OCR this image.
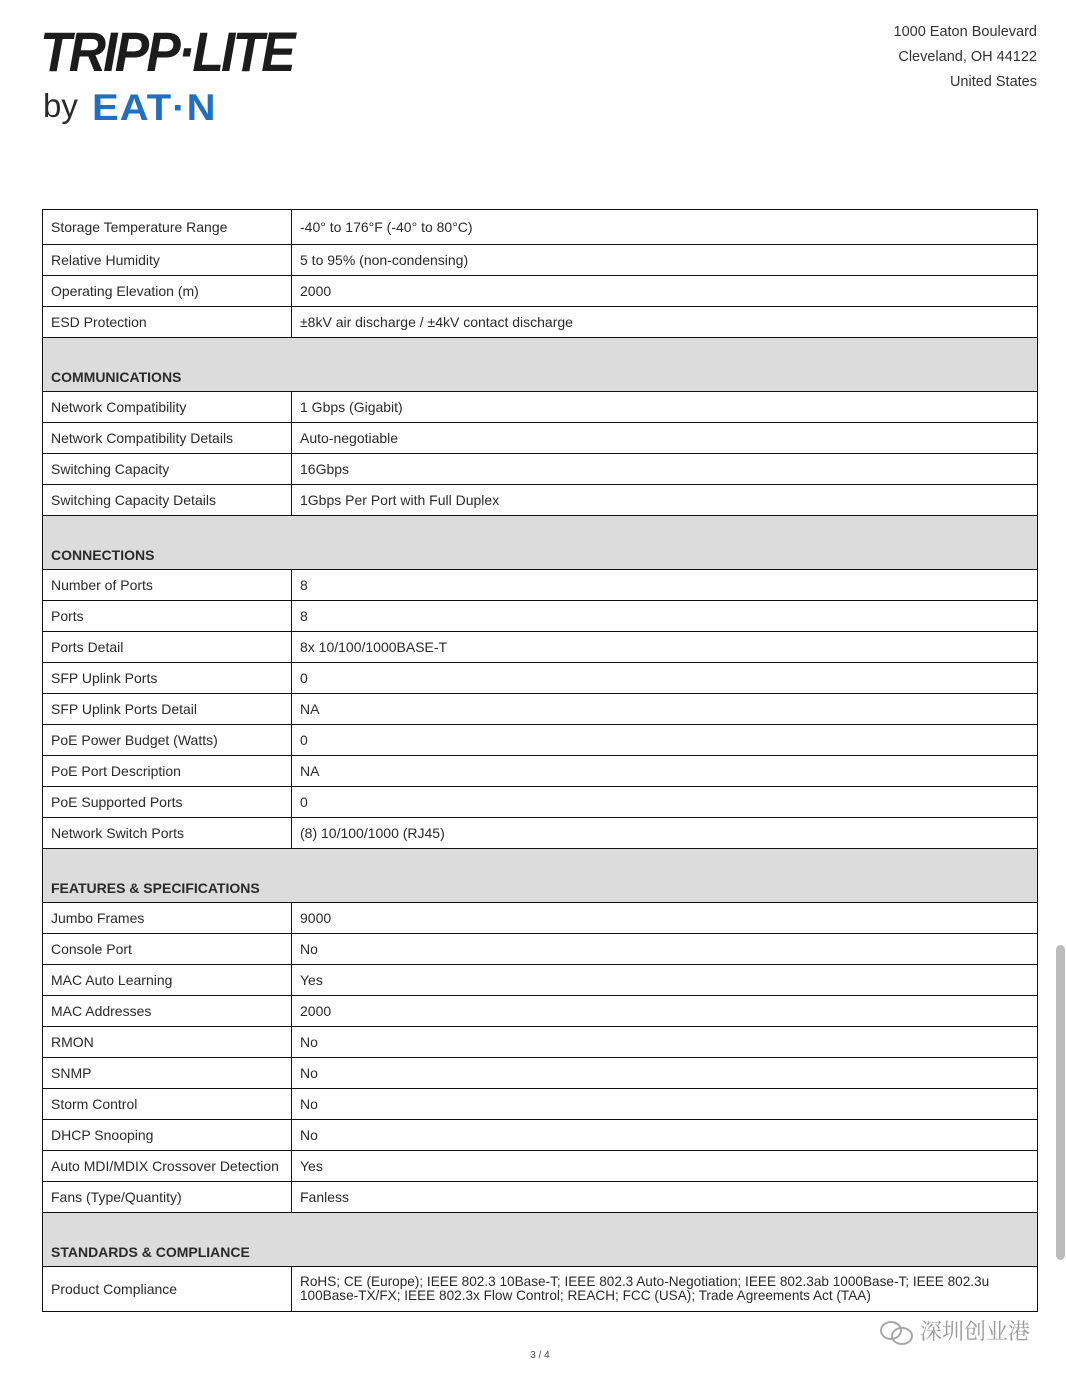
TRIPP·LITE
by EAT·N
1000 Eaton Boulevard
Cleveland, OH 44122
United States
Storage Temperature Range	-40° to 176°F (-40° to 80°C)
Relative Humidity	5 to 95% (non-condensing)
Operating Elevation (m)	2000
ESD Protection	±8kV air discharge / ±4kV contact discharge
COMMUNICATIONS	
Network Compatibility	1 Gbps (Gigabit)
Network Compatibility Details	Auto-negotiable
Switching Capacity	16Gbps
Switching Capacity Details	1Gbps Per Port with Full Duplex
CONNECTIONS	
Number of Ports	8
Ports	8
Ports Detail	8x 10/100/1000BASE-T
SFP Uplink Ports	0
SFP Uplink Ports Detail	NA
PoE Power Budget (Watts)	0
PoE Port Description	NA
PoE Supported Ports	0
Network Switch Ports	(8) 10/100/1000 (RJ45)
FEATURES & SPECIFICATIONS	
Jumbo Frames	9000
Console Port	No
MAC Auto Learning	Yes
MAC Addresses	2000
RMON	No
SNMP	No
Storm Control	No
DHCP Snooping	No
Auto MDI/MDIX Crossover Detection	Yes
Fans (Type/Quantity)	Fanless
STANDARDS & COMPLIANCE	
Product Compliance	RoHS; CE (Europe); IEEE 802.3 10Base-T; IEEE 802.3 Auto-Negotiation; IEEE 802.3ab 1000Base-T; IEEE 802.3u 100Base-TX/FX; IEEE 802.3x Flow Control; REACH; FCC (USA); Trade Agreements Act (TAA)
深圳创业港
3 / 4
